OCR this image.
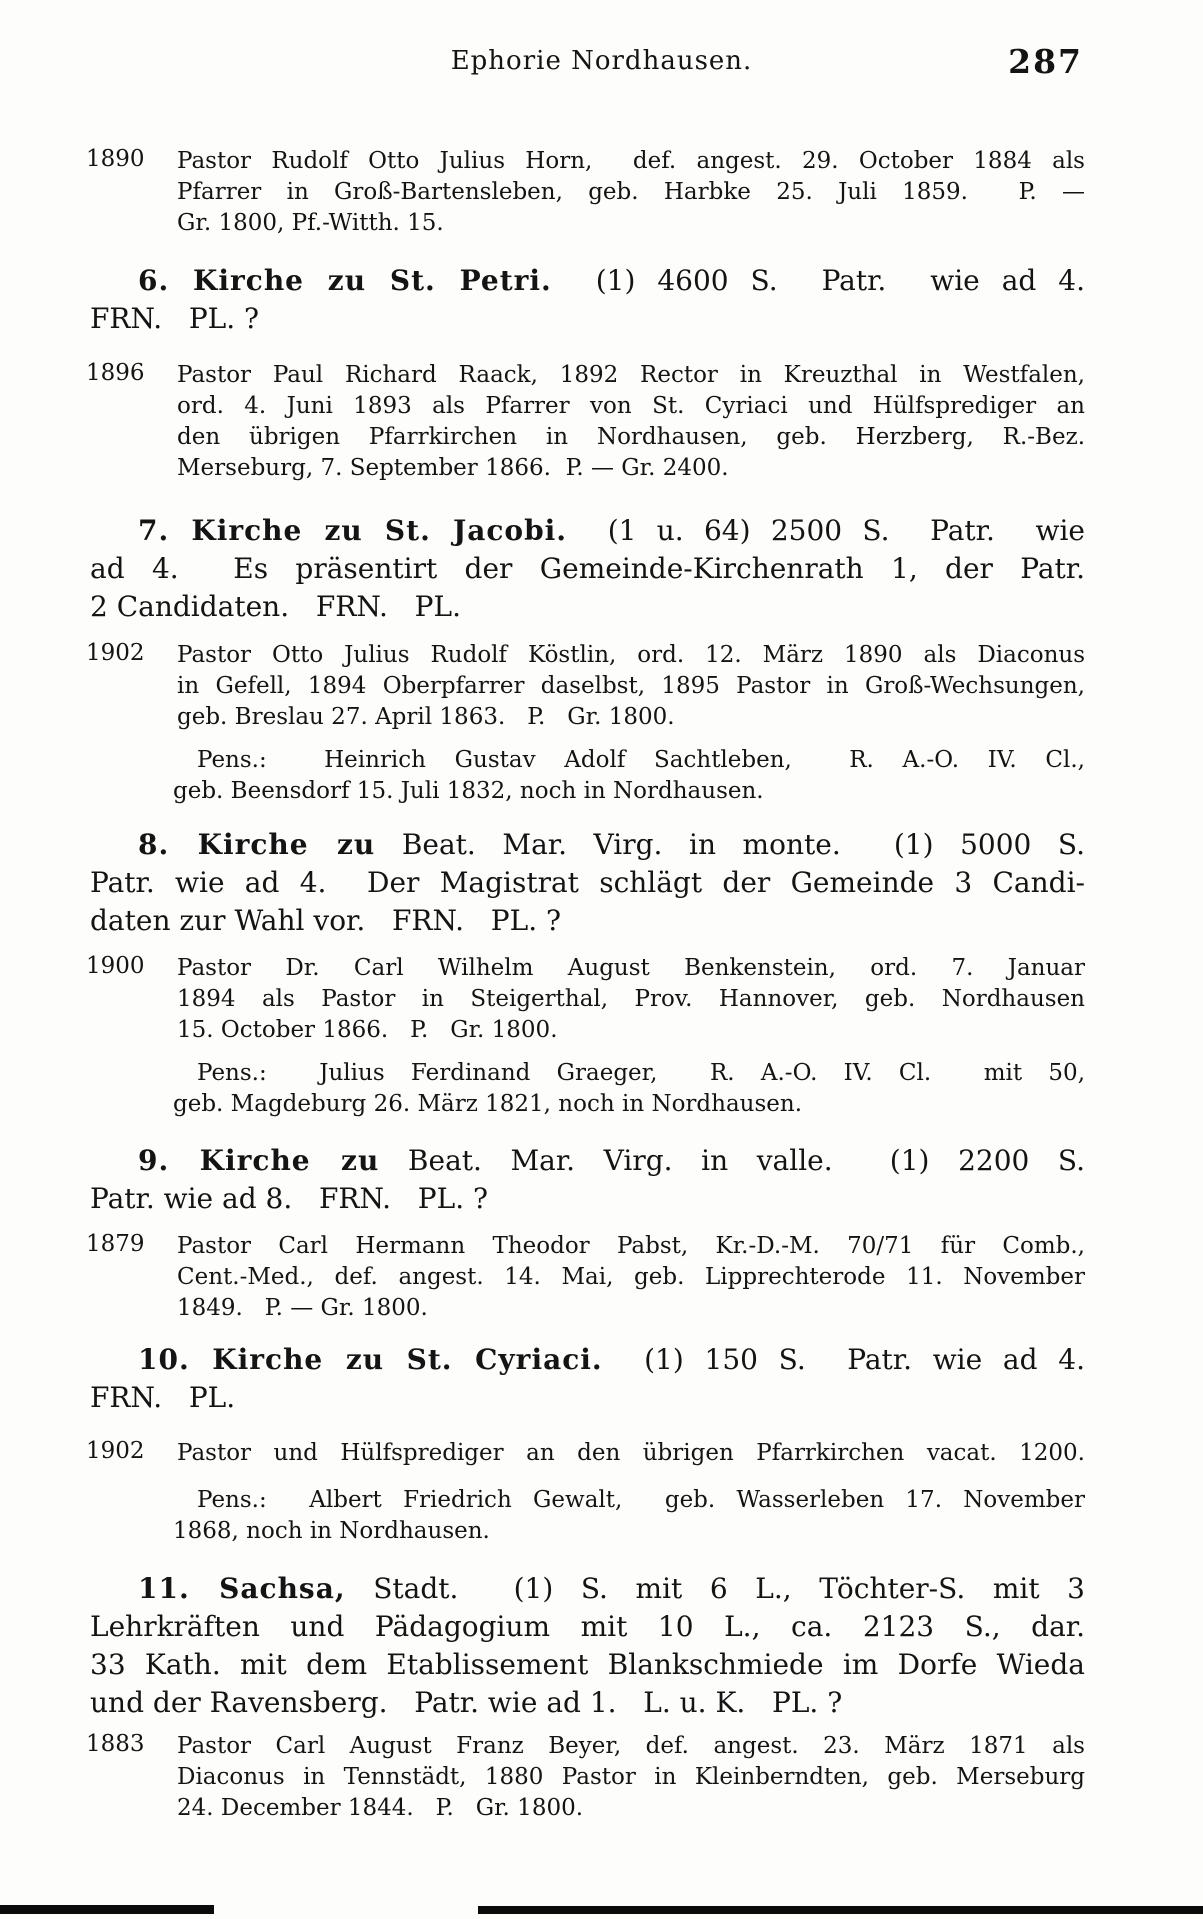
Ephorie Nordhausen.	287
1890	Pastor Rudolf Otto Julius Horn,  def. angest. 29. October 1884 als
Pfarrer in Groß-Bartensleben, geb. Harbke 25. Juli 1859.  P. —
Gr. 1800, Pf.-Witth. 15.
6. Kirche zu St. Petri.  (1) 4600 S.  Patr.  wie ad 4.
FRN.   PL. ?
1896	Pastor Paul Richard Raack, 1892 Rector in Kreuzthal in Westfalen,
ord. 4. Juni 1893 als Pfarrer von St. Cyriaci und Hülfsprediger an
den übrigen Pfarrkirchen in Nordhausen, geb. Herzberg, R.-Bez.
Merseburg, 7. September 1866.  P. — Gr. 2400.
7. Kirche zu St. Jacobi.  (1 u. 64) 2500 S.  Patr.  wie
ad 4.  Es präsentirt der Gemeinde-Kirchenrath 1, der Patr.
2 Candidaten.   FRN.   PL.
1902	Pastor Otto Julius Rudolf Köstlin, ord. 12. März 1890 als Diaconus
in Gefell, 1894 Oberpfarrer daselbst, 1895 Pastor in Groß-Wechsungen,
geb. Breslau 27. April 1863.   P.   Gr. 1800.
Pens.:  Heinrich Gustav Adolf Sachtleben,  R. A.-O. IV. Cl.,
geb. Beensdorf 15. Juli 1832, noch in Nordhausen.
8. Kirche zu Beat. Mar. Virg. in monte.  (1) 5000 S.
Patr. wie ad 4.  Der Magistrat schlägt der Gemeinde 3 Candi-
daten zur Wahl vor.   FRN.   PL. ?
1900	Pastor Dr. Carl Wilhelm August Benkenstein, ord. 7. Januar
1894 als Pastor in Steigerthal, Prov. Hannover, geb. Nordhausen
15. October 1866.   P.   Gr. 1800.
Pens.:  Julius Ferdinand Graeger,  R. A.-O. IV. Cl.  mit 50,
geb. Magdeburg 26. März 1821, noch in Nordhausen.
9. Kirche zu Beat. Mar. Virg. in valle.  (1) 2200 S.
Patr. wie ad 8.   FRN.   PL. ?
1879	Pastor Carl Hermann Theodor Pabst, Kr.-D.-M. 70/71 für Comb.,
Cent.-Med., def. angest. 14. Mai, geb. Lipprechterode 11. November
1849.   P. — Gr. 1800.
10. Kirche zu St. Cyriaci.  (1) 150 S.  Patr. wie ad 4.
FRN.   PL.
1902	Pastor und Hülfsprediger an den übrigen Pfarrkirchen vacat. 1200.
Pens.:  Albert Friedrich Gewalt,  geb. Wasserleben 17. November
1868, noch in Nordhausen.
11. Sachsa, Stadt.  (1) S. mit 6 L., Töchter-S. mit 3
Lehrkräften und Pädagogium mit 10 L., ca. 2123 S., dar.
33 Kath. mit dem Etablissement Blankschmiede im Dorfe Wieda
und der Ravensberg.   Patr. wie ad 1.   L. u. K.   PL. ?
1883	Pastor Carl August Franz Beyer, def. angest. 23. März 1871 als
Diaconus in Tennstädt, 1880 Pastor in Kleinberndten, geb. Merseburg
24. December 1844.   P.   Gr. 1800.
